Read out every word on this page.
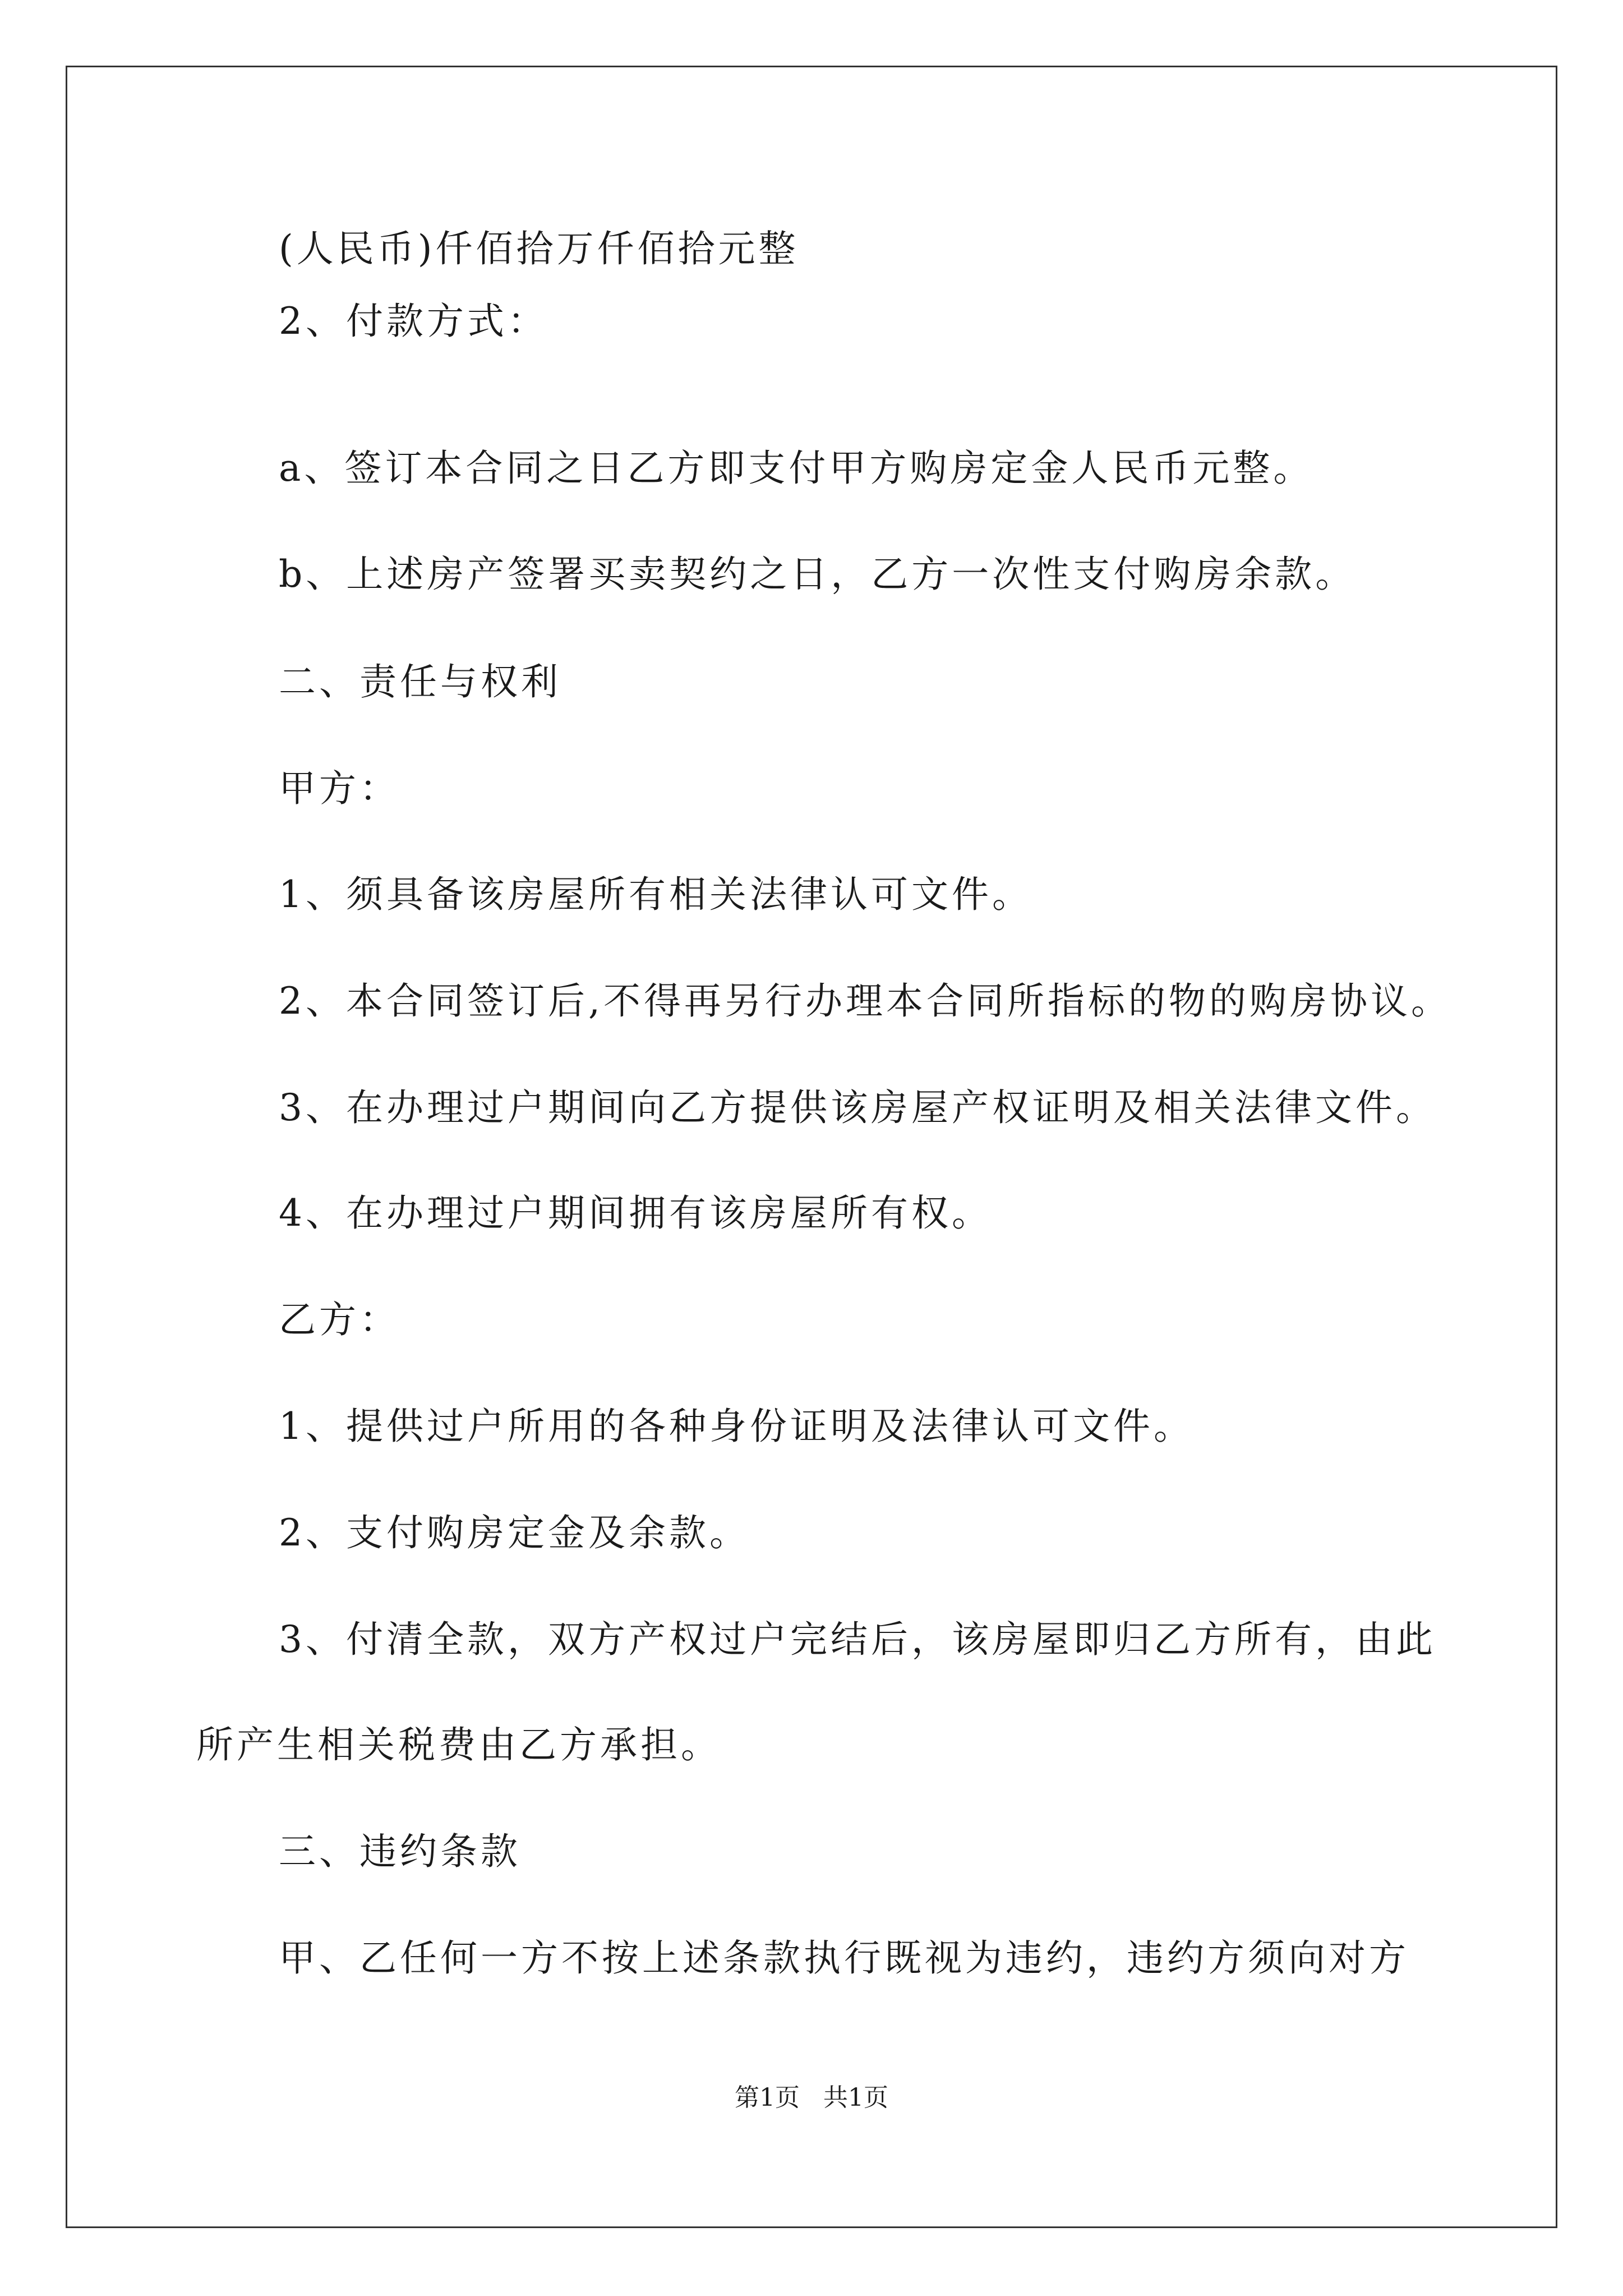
(人民币)仟佰拾万仟佰拾元整
2、付款方式：
a、签订本合同之日乙方即支付甲方购房定金人民币元整。
b、上述房产签署买卖契约之日，乙方一次性支付购房余款。
二、责任与权利
甲方：
1、须具备该房屋所有相关法律认可文件。
2、本合同签订后,不得再另行办理本合同所指标的物的购房协议。
3、在办理过户期间向乙方提供该房屋产权证明及相关法律文件。
4、在办理过户期间拥有该房屋所有权。
乙方：
1、提供过户所用的各种身份证明及法律认可文件。
2、支付购房定金及余款。
3、付清全款，双方产权过户完结后，该房屋即归乙方所有，由此
所产生相关税费由乙方承担。
三、违约条款
甲、乙任何一方不按上述条款执行既视为违约，违约方须向对方
第1页   共1页
